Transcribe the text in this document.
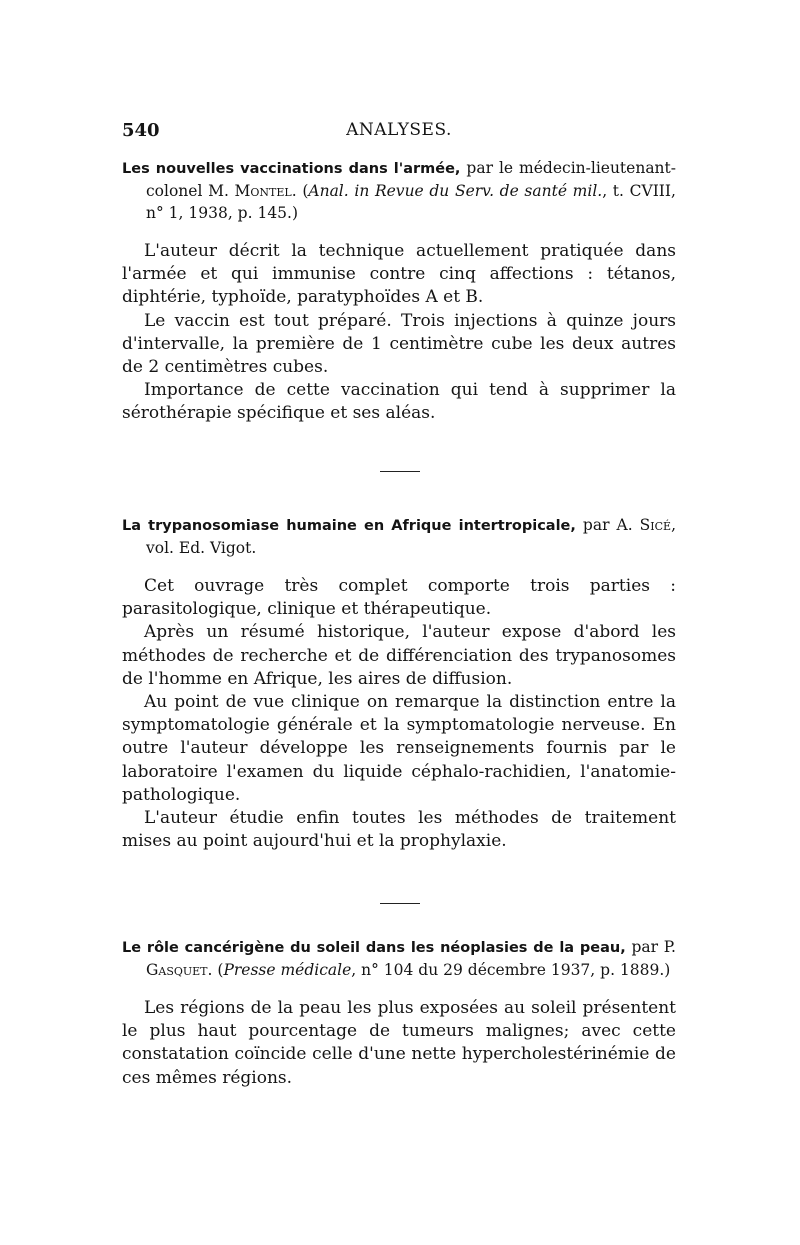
540	ANALYSES.
Les nouvelles vaccinations dans l'armée, par le médecin-lieutenant-colonel M. Montel. (Anal. in Revue du Serv. de santé mil., t. CVIII, n° 1, 1938, p. 145.)

L'auteur décrit la technique actuellement pratiquée dans l'armée et qui immunise contre cinq affections : tétanos, diphtérie, typhoïde, paratyphoïdes A et B.

Le vaccin est tout préparé. Trois injections à quinze jours d'intervalle, la première de 1 centimètre cube les deux autres de 2 centimètres cubes.

Importance de cette vaccination qui tend à supprimer la sérothérapie spécifique et ses aléas.

La trypanosomiase humaine en Afrique intertropicale, par A. Sicé, vol. Ed. Vigot.

Cet ouvrage très complet comporte trois parties : parasitologique, clinique et thérapeutique.

Après un résumé historique, l'auteur expose d'abord les méthodes de recherche et de différenciation des trypanosomes de l'homme en Afrique, les aires de diffusion.

Au point de vue clinique on remarque la distinction entre la symptomatologie générale et la symptomatologie nerveuse. En outre l'auteur développe les renseignements fournis par le laboratoire l'examen du liquide céphalo-rachidien, l'anatomie-pathologique.

L'auteur étudie enfin toutes les méthodes de traitement mises au point aujourd'hui et la prophylaxie.

Le rôle cancérigène du soleil dans les néoplasies de la peau, par P. Gasquet. (Presse médicale, n° 104 du 29 décembre 1937, p. 1889.)

Les régions de la peau les plus exposées au soleil présentent le plus haut pourcentage de tumeurs malignes; avec cette constatation coïncide celle d'une nette hypercholestérinémie de ces mêmes régions.
